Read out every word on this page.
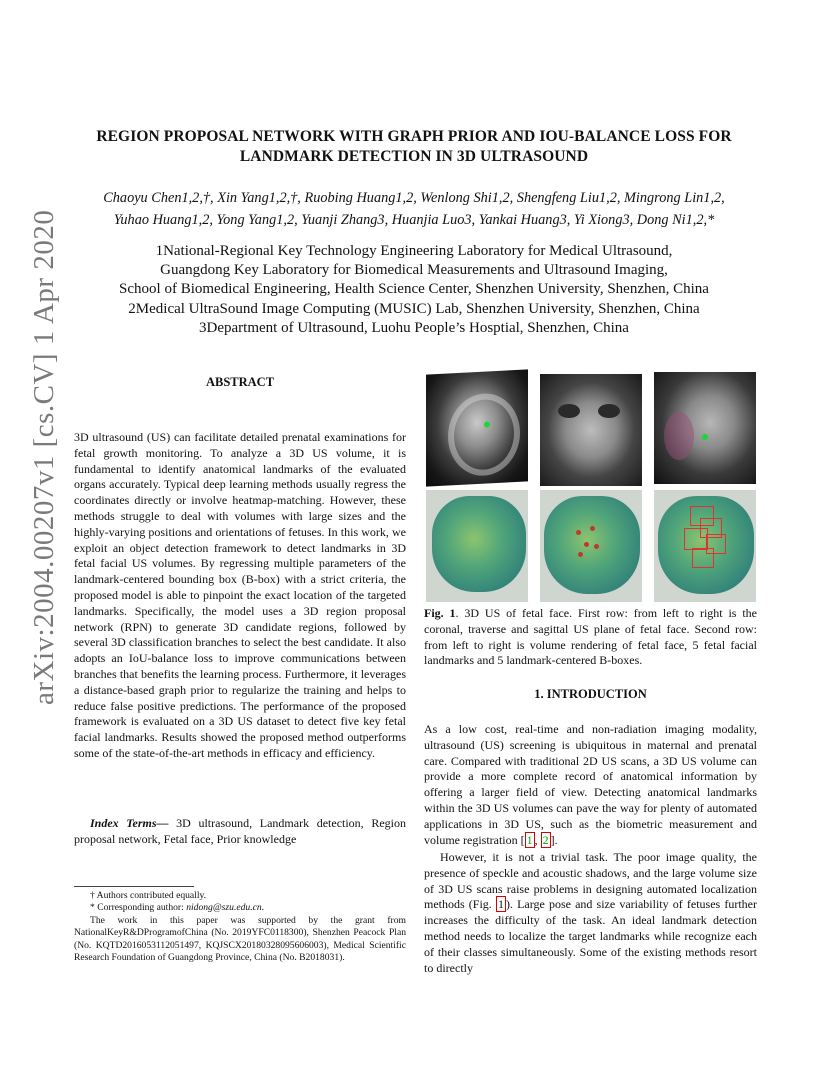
arXiv:2004.00207v1 [cs.CV] 1 Apr 2020
REGION PROPOSAL NETWORK WITH GRAPH PRIOR AND IOU-BALANCE LOSS FOR
LANDMARK DETECTION IN 3D ULTRASOUND
Chaoyu Chen1,2,†, Xin Yang1,2,†, Ruobing Huang1,2, Wenlong Shi1,2, Shengfeng Liu1,2, Mingrong Lin1,2,
Yuhao Huang1,2, Yong Yang1,2, Yuanji Zhang3, Huanjia Luo3, Yankai Huang3, Yi Xiong3, Dong Ni1,2,*
1National-Regional Key Technology Engineering Laboratory for Medical Ultrasound,
Guangdong Key Laboratory for Biomedical Measurements and Ultrasound Imaging,
School of Biomedical Engineering, Health Science Center, Shenzhen University, Shenzhen, China
2Medical UltraSound Image Computing (MUSIC) Lab, Shenzhen University, Shenzhen, China
3Department of Ultrasound, Luohu People’s Hosptial, Shenzhen, China
ABSTRACT
3D ultrasound (US) can facilitate detailed prenatal examinations for fetal growth monitoring. To analyze a 3D US volume, it is fundamental to identify anatomical landmarks of the evaluated organs accurately. Typical deep learning methods usually regress the coordinates directly or involve heatmap-matching. However, these methods struggle to deal with volumes with large sizes and the highly-varying positions and orientations of fetuses. In this work, we exploit an object detection framework to detect landmarks in 3D fetal facial US volumes. By regressing multiple parameters of the landmark-centered bounding box (B-box) with a strict criteria, the proposed model is able to pinpoint the exact location of the targeted landmarks. Specifically, the model uses a 3D region proposal network (RPN) to generate 3D candidate regions, followed by several 3D classification branches to select the best candidate. It also adopts an IoU-balance loss to improve communications between branches that benefits the learning process. Furthermore, it leverages a distance-based graph prior to regularize the training and helps to reduce false positive predictions. The performance of the proposed framework is evaluated on a 3D US dataset to detect five key fetal facial landmarks. Results showed the proposed method outperforms some of the state-of-the-art methods in efficacy and efficiency.
Index Terms— 3D ultrasound, Landmark detection, Region proposal network, Fetal face, Prior knowledge

† Authors contributed equally.

* Corresponding author: nidong@szu.edu.cn.

The work in this paper was supported by the grant from NationalKeyR&DProgramofChina (No. 2019YFC0118300), Shenzhen Peacock Plan (No. KQTD2016053112051497, KQJSCX20180328095606003), Medical Scientific Research Foundation of Guangdong Province, China (No. B2018031).

Fig. 1. 3D US of fetal face. First row: from left to right is the coronal, traverse and sagittal US plane of fetal face. Second row: from left to right is volume rendering of fetal face, 5 fetal facial landmarks and 5 landmark-centered B-boxes.
1. INTRODUCTION
As a low cost, real-time and non-radiation imaging modality, ultrasound (US) screening is ubiquitous in maternal and prenatal care. Compared with traditional 2D US scans, a 3D US volume can provide a more complete record of anatomical information by offering a larger field of view. Detecting anatomical landmarks within the 3D US volumes can pave the way for plenty of automated applications in 3D US, such as the biometric measurement and volume registration [ 1 , 2 ].
However, it is not a trivial task. The poor image quality, the presence of speckle and acoustic shadows, and the large volume size of 3D US scans raise problems in designing automated localization methods (Fig. 1 ). Large pose and size variability of fetuses further increases the difficulty of the task. An ideal landmark detection method needs to localize the target landmarks while recognize each of their classes simultaneously. Some of the existing methods resort to directly
